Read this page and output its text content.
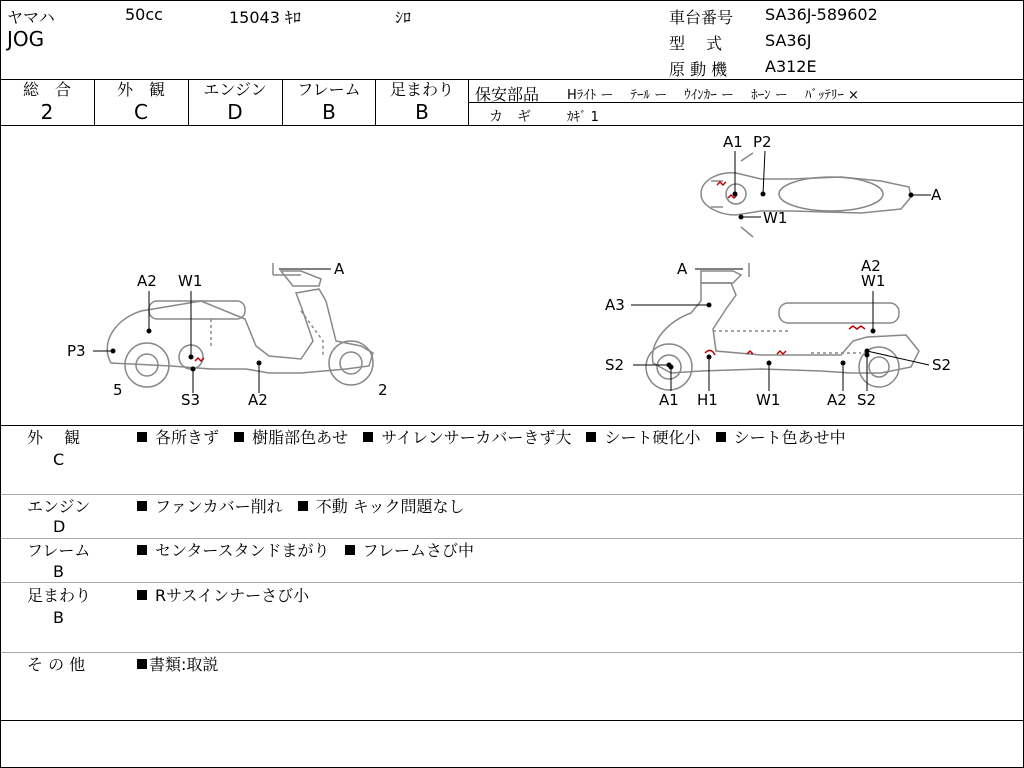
ヤマハ	50cc	15043 ｷﾛ	ｼﾛ
JOG
車台番号 SA36J-589602
型　 式	SA36J
原 動 機 A312E
総　合
2
外　観
C
エンジン
D
フレーム
B
足まわり
B
保安部品 Hﾗｲﾄ ー　 ﾃｰﾙ ー 　ｳｲﾝｶｰ ー　 ﾎｰﾝ ー　 ﾊﾞｯﾃﾘｰ ×
カ　ギ	ｶｷﾞ 1
A
A2 W1
P3
5
S3	A2
2
A1 P2
A
W1
A	A2
W1
A3
S2	S2
A1 H1	W1	A2 S2
外　 観
C
各所きず 樹脂部色あせ サイレンサーカバーきず大 シート硬化小 シート色あせ中
エンジン
D
ファンカバー削れ 不動 キック問題なし
フレーム
B
センタースタンドまがり フレームさび中
足まわり
B
Rサスインナーさび小
そ の 他	書類:取説
